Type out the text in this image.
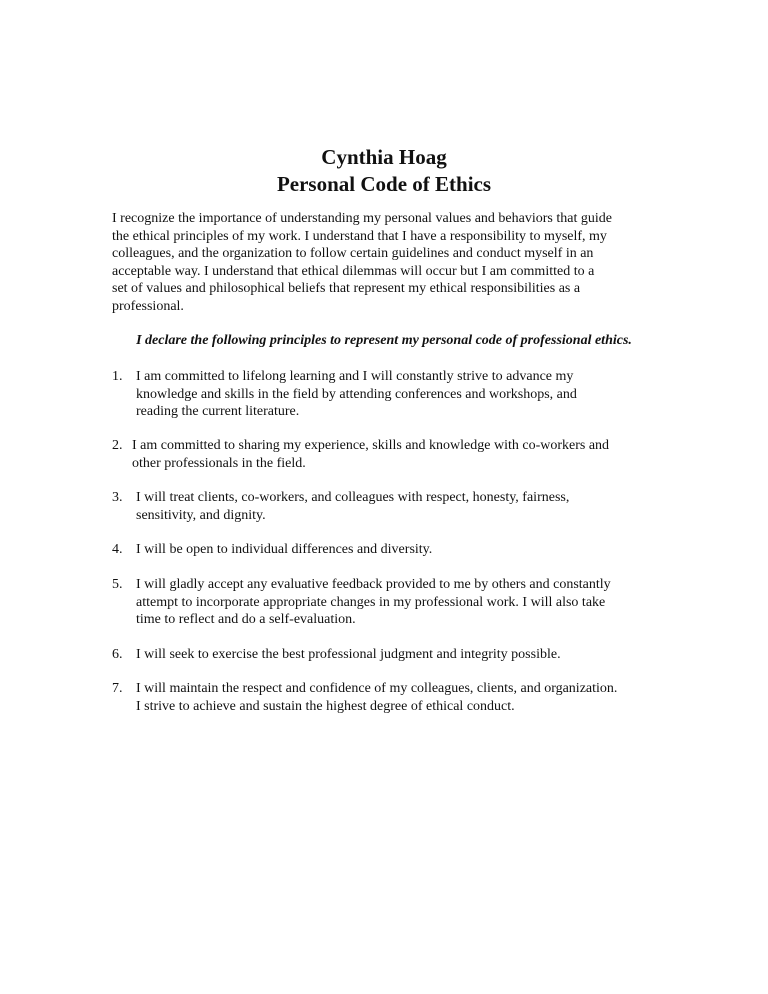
Cynthia Hoag
Personal Code of Ethics

I recognize the importance of understanding my personal values and behaviors that guide
the ethical principles of my work. I understand that I have a responsibility to myself, my
colleagues, and the organization to follow certain guidelines and conduct myself in an
acceptable way. I understand that ethical dilemmas will occur but I am committed to a
set of values and philosophical beliefs that represent my ethical responsibilities as a
professional.

I declare the following principles to represent my personal code of professional ethics.

1. I am committed to lifelong learning and I will constantly strive to advance my
knowledge and skills in the field by attending conferences and workshops, and
reading the current literature.
2. I am committed to sharing my experience, skills and knowledge with co-workers and
other professionals in the field.
3. I will treat clients, co-workers, and colleagues with respect, honesty, fairness,
sensitivity, and dignity.
4. I will be open to individual differences and diversity.
5. I will gladly accept any evaluative feedback provided to me by others and constantly
attempt to incorporate appropriate changes in my professional work. I will also take
time to reflect and do a self-evaluation.
6. I will seek to exercise the best professional judgment and integrity possible.
7. I will maintain the respect and confidence of my colleagues, clients, and organization.
I strive to achieve and sustain the highest degree of ethical conduct.
